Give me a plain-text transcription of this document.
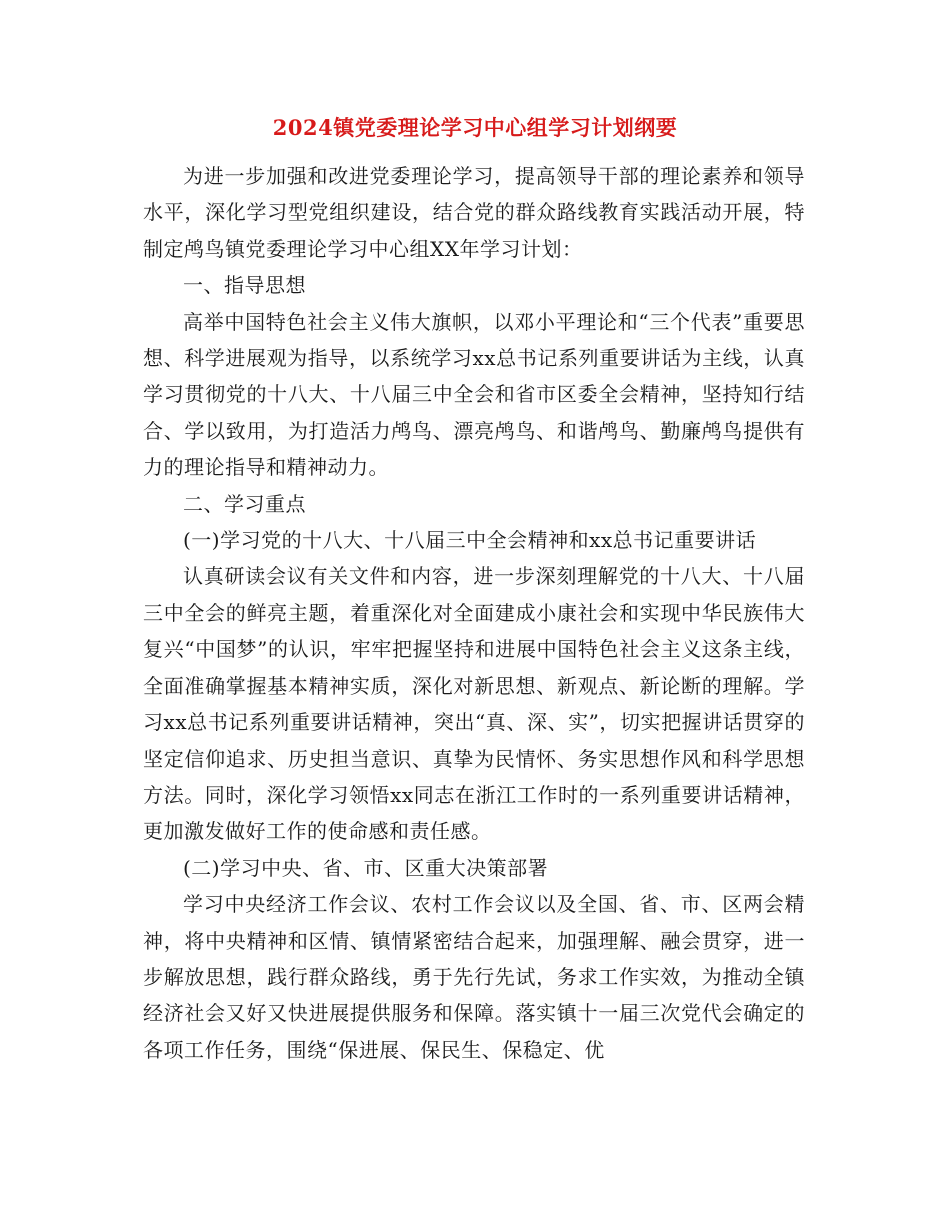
2024镇党委理论学习中心组学习计划纲要

为进一步加强和改进党委理论学习，提高领导干部的理论素养和领导水平，深化学习型党组织建设，结合党的群众路线教育实践活动开展，特制定鸬鸟镇党委理论学习中心组XX年学习计划：

一、指导思想

高举中国特色社会主义伟大旗帜，以邓小平理论和“三个代表”重要思想、科学进展观为指导，以系统学习xx总书记系列重要讲话为主线，认真学习贯彻党的十八大、十八届三中全会和省市区委全会精神，坚持知行结合、学以致用，为打造活力鸬鸟、漂亮鸬鸟、和谐鸬鸟、勤廉鸬鸟提供有力的理论指导和精神动力。

二、学习重点

(一)学习党的十八大、十八届三中全会精神和xx总书记重要讲话

认真研读会议有关文件和内容，进一步深刻理解党的十八大、十八届三中全会的鲜亮主题，着重深化对全面建成小康社会和实现中华民族伟大复兴“中国梦”的认识，牢牢把握坚持和进展中国特色社会主义这条主线，全面准确掌握基本精神实质，深化对新思想、新观点、新论断的理解。学习xx总书记系列重要讲话精神，突出“真、深、实”，切实把握讲话贯穿的坚定信仰追求、历史担当意识、真挚为民情怀、务实思想作风和科学思想方法。同时，深化学习领悟xx同志在浙江工作时的一系列重要讲话精神，更加激发做好工作的使命感和责任感。

(二)学习中央、省、市、区重大决策部署

学习中央经济工作会议、农村工作会议以及全国、省、市、区两会精神，将中央精神和区情、镇情紧密结合起来，加强理解、融会贯穿，进一步解放思想，践行群众路线，勇于先行先试，务求工作实效，为推动全镇经济社会又好又快进展提供服务和保障。落实镇十一届三次党代会确定的各项工作任务，围绕“保进展、保民生、保稳定、优
